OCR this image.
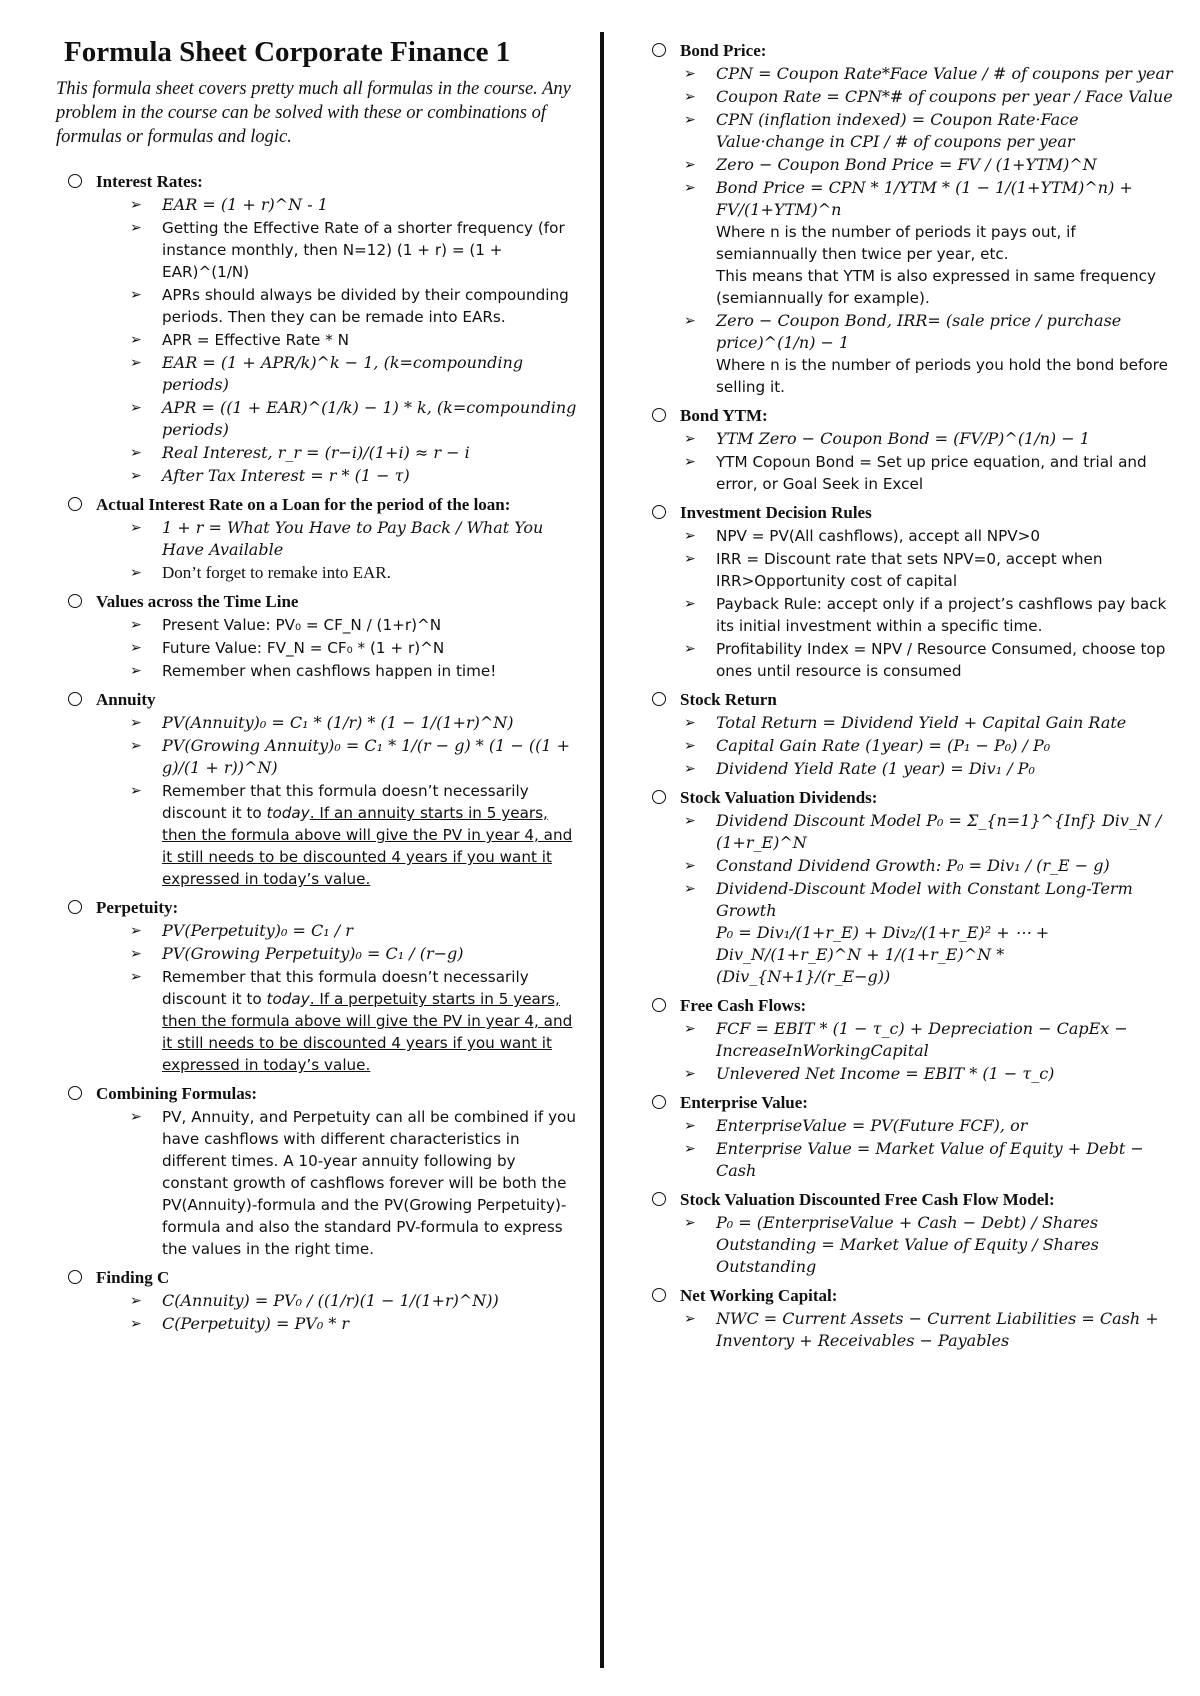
Formula Sheet Corporate Finance 1

This formula sheet covers pretty much all formulas in the course. Any problem in the course can be solved with these or combinations of formulas or formulas and logic.

Interest Rates:
➢ EAR = (1 + r)^N - 1
➢ Getting the Effective Rate of a shorter frequency (for instance monthly, then N=12) (1 + r) = (1 + EAR)^(1/N)
➢ APRs should always be divided by their compounding periods. Then they can be remade into EARs.
➢ APR = Effective Rate * N
➢ EAR = (1 + APR/k)^k − 1, (k=compounding periods)
➢ APR = ((1 + EAR)^(1/k) − 1) * k, (k=compounding periods)
➢ Real Interest, r_r = (r−i)/(1+i) ≈ r − i
➢ After Tax Interest = r * (1 − τ)
Actual Interest Rate on a Loan for the period of the loan:
➢ 1 + r = What You Have to Pay Back / What You Have Available
➢ Don’t forget to remake into EAR.
Values across the Time Line
➢ Present Value: PV₀ = CF_N / (1+r)^N
➢ Future Value: FV_N = CF₀ * (1 + r)^N
➢ Remember when cashflows happen in time!
Annuity
➢ PV(Annuity)₀ = C₁ * (1/r) * (1 − 1/(1+r)^N)
➢ PV(Growing Annuity)₀ = C₁ * 1/(r − g) * (1 − ((1 + g)/(1 + r))^N)
➢ Remember that this formula doesn’t necessarily discount it to today. If an annuity starts in 5 years, then the formula above will give the PV in year 4, and it still needs to be discounted 4 years if you want it expressed in today’s value.
Perpetuity:
➢ PV(Perpetuity)₀ = C₁ / r
➢ PV(Growing Perpetuity)₀ = C₁ / (r−g)
➢ Remember that this formula doesn’t necessarily discount it to today. If a perpetuity starts in 5 years, then the formula above will give the PV in year 4, and it still needs to be discounted 4 years if you want it expressed in today’s value.
Combining Formulas:
➢ PV, Annuity, and Perpetuity can all be combined if you have cashflows with different characteristics in different times. A 10-year annuity following by constant growth of cashflows forever will be both the PV(Annuity)-formula and the PV(Growing Perpetuity)-formula and also the standard PV-formula to express the values in the right time.
Finding C
➢ C(Annuity) = PV₀ / ((1/r)(1 − 1/(1+r)^N))
➢ C(Perpetuity) = PV₀ * r
Bond Price:
➢ CPN = Coupon Rate*Face Value / # of coupons per year
➢ Coupon Rate = CPN*# of coupons per year / Face Value
➢ CPN (inflation indexed) = Coupon Rate·Face Value·change in CPI / # of coupons per year
➢ Zero − Coupon Bond Price = FV / (1+YTM)^N
➢ Bond Price = CPN * 1/YTM * (1 − 1/(1+YTM)^n) + FV/(1+YTM)^n
Where n is the number of periods it pays out, if semiannually then twice per year, etc.
This means that YTM is also expressed in same frequency (semiannually for example).
➢ Zero − Coupon Bond, IRR= (sale price / purchase price)^(1/n) − 1
Where n is the number of periods you hold the bond before selling it.
Bond YTM:
➢ YTM Zero − Coupon Bond = (FV/P)^(1/n) − 1
➢ YTM Copoun Bond = Set up price equation, and trial and error, or Goal Seek in Excel
Investment Decision Rules
➢ NPV = PV(All cashflows), accept all NPV>0
➢ IRR = Discount rate that sets NPV=0, accept when IRR>Opportunity cost of capital
➢ Payback Rule: accept only if a project’s cashflows pay back its initial investment within a specific time.
➢ Profitability Index = NPV / Resource Consumed, choose top ones until resource is consumed
Stock Return
➢ Total Return = Dividend Yield + Capital Gain Rate
➢ Capital Gain Rate (1year) = (P₁ − P₀) / P₀
➢ Dividend Yield Rate (1 year) = Div₁ / P₀
Stock Valuation Dividends:
➢ Dividend Discount Model P₀ = Σ_{n=1}^{Inf} Div_N / (1+r_E)^N
➢ Constand Dividend Growth: P₀ = Div₁ / (r_E − g)
➢ Dividend-Discount Model with Constant Long-Term Growth
P₀ = Div₁/(1+r_E) + Div₂/(1+r_E)² + ⋯ + Div_N/(1+r_E)^N + 1/(1+r_E)^N * (Div_{N+1}/(r_E−g))
Free Cash Flows:
➢ FCF = EBIT * (1 − τ_c) + Depreciation − CapEx − IncreaseInWorkingCapital
➢ Unlevered Net Income = EBIT * (1 − τ_c)
Enterprise Value:
➢ EnterpriseValue = PV(Future FCF), or
➢ Enterprise Value = Market Value of Equity + Debt − Cash
Stock Valuation Discounted Free Cash Flow Model:
➢ P₀ = (EnterpriseValue + Cash − Debt) / Shares Outstanding = Market Value of Equity / Shares Outstanding
Net Working Capital:
➢ NWC = Current Assets − Current Liabilities = Cash + Inventory + Receivables − Payables
